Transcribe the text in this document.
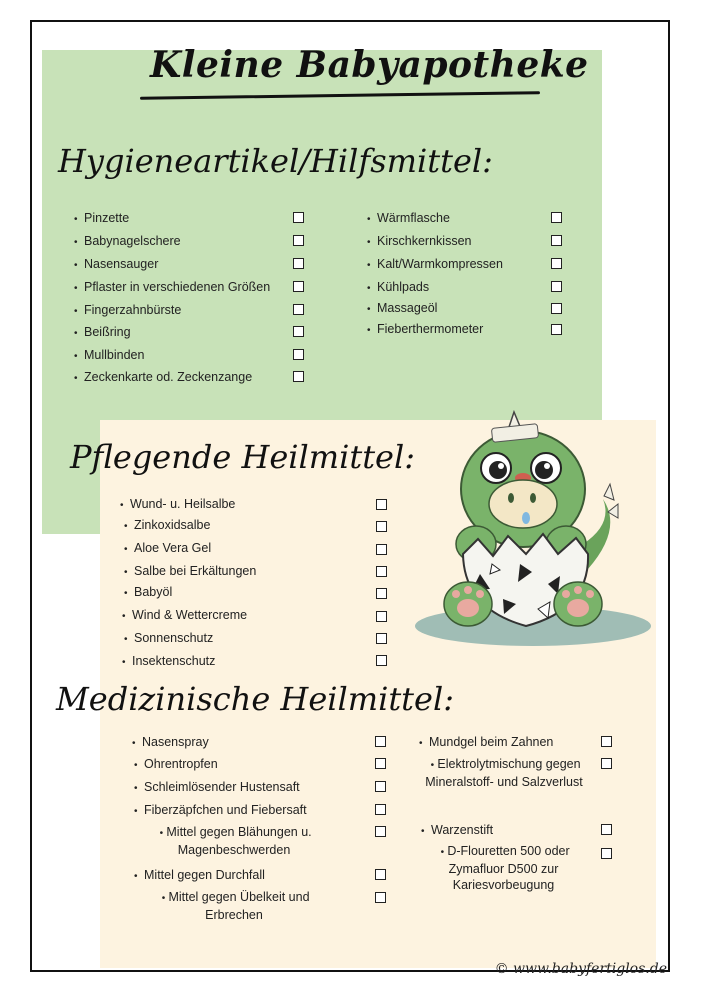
Kleine Babyapotheke
Hygieneartikel/Hilfsmittel:
• Pinzette
• Babynagelschere
• Nasensauger
• Pflaster in verschiedenen Größen
• Fingerzahnbürste
• Beißring
• Mullbinden
• Zeckenkarte od. Zeckenzange
• Wärmflasche
• Kirschkernkissen
• Kalt/Warmkompressen
• Kühlpads
• Massageöl
• Fieberthermometer
Pflegende Heilmittel:
• Wund- u. Heilsalbe
• Zinkoxidsalbe
• Aloe Vera Gel
• Salbe bei Erkältungen
• Babyöl
• Wind & Wettercreme
• Sonnenschutz
• Insektenschutz
Medizinische Heilmittel:
• Nasenspray
• Ohrentropfen
• Schleimlösender Hustensaft
• Fiberzäpfchen und Fiebersaft
• Mittel gegen Blähungen u. Magenbeschwerden
• Mittel gegen Durchfall
• Mittel gegen Übelkeit und Erbrechen
• Mundgel beim Zahnen
• Elektrolytmischung gegen Mineralstoff- und Salzverlust
• Warzenstift
• D-Flouretten 500 oder Zymafluor D500 zur Kariesvorbeugung
© www.babyfertiglos.de
